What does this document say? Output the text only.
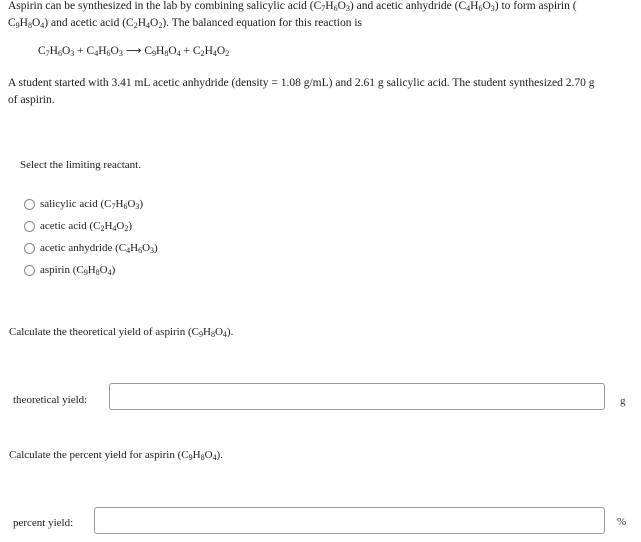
Aspirin can be synthesized in the lab by combining salicylic acid $(C_7H_6O_3)$ and acetic anhydride $(C_4H_6O_3)$ to form aspirin (
$C_9H_8O_4$) and acetic acid $(C_2H_4O_2)$. The balanced equation for this reaction is
$C_7H_6O_3 + C_4H_6O_3$ ⟶ $C_9H_8O_4 + C_2H_4O_2$
A student started with 3.41 mL acetic anhydride (density = 1.08 g/mL) and 2.61 g salicylic acid. The student synthesized 2.70 g
of aspirin.
Select the limiting reactant.
salicylic acid $(C_7H_6O_3)$
acetic acid $(C_2H_4O_2)$
acetic anhydride $(C_4H_6O_3)$
aspirin $(C_9H_8O_4)$
Calculate the theoretical yield of aspirin $(C_9H_8O_4)$.
theoretical yield:	g
Calculate the percent yield for aspirin $(C_9H_8O_4)$.
percent yield:	%
